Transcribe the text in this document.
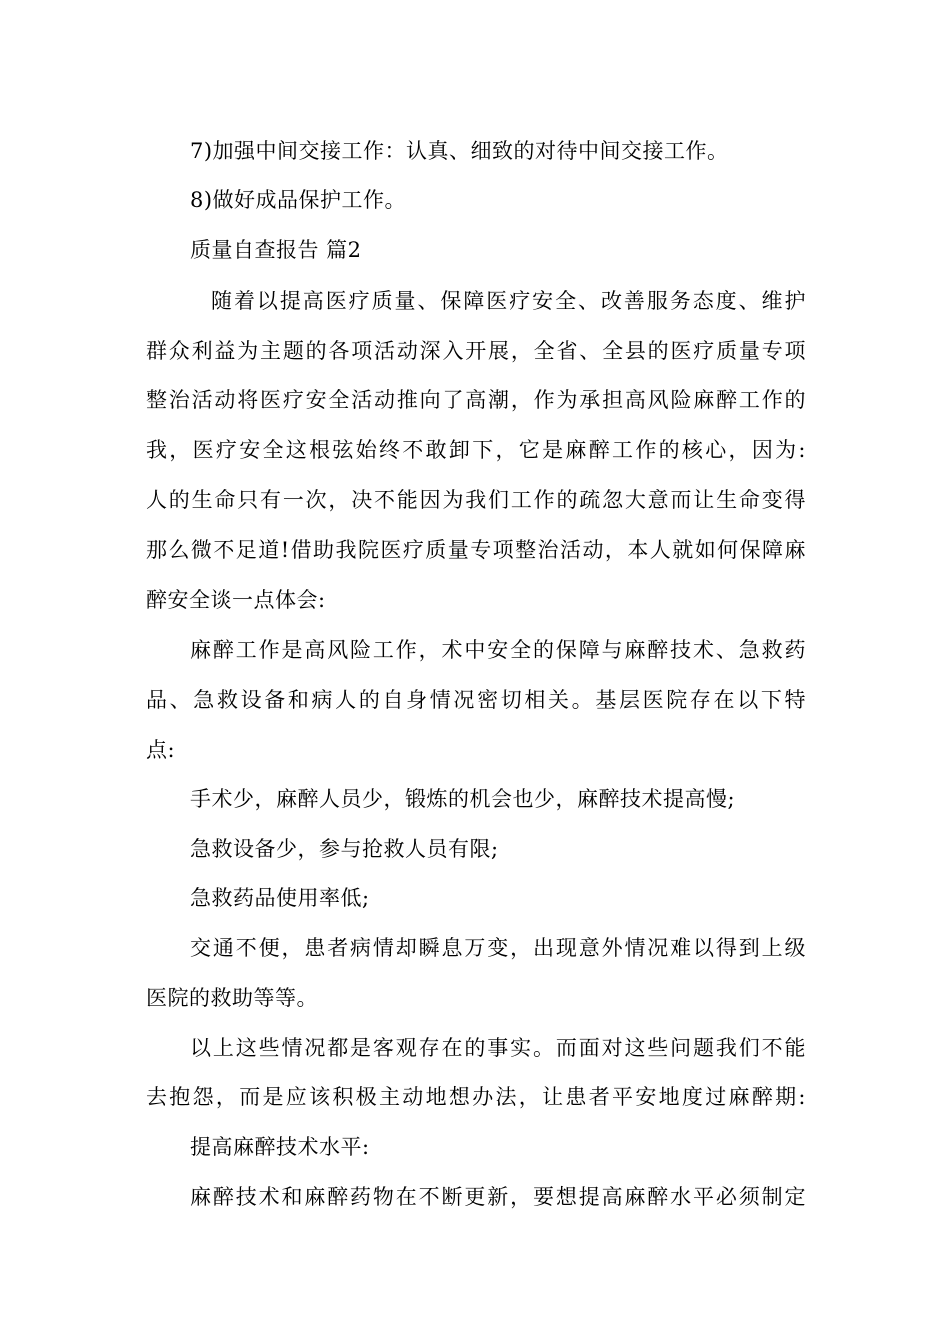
7)加强中间交接工作：认真、细致的对待中间交接工作。
8)做好成品保护工作。
质量自查报告 篇2
随着以提高医疗质量、保障医疗安全、改善服务态度、维护
群众利益为主题的各项活动深入开展，全省、全县的医疗质量专项
整治活动将医疗安全活动推向了高潮，作为承担高风险麻醉工作的
我，医疗安全这根弦始终不敢卸下，它是麻醉工作的核心，因为:
人的生命只有一次，决不能因为我们工作的疏忽大意而让生命变得
那么微不足道!借助我院医疗质量专项整治活动，本人就如何保障麻
醉安全谈一点体会:
麻醉工作是高风险工作，术中安全的保障与麻醉技术、急救药
品、急救设备和病人的自身情况密切相关。基层医院存在以下特
点:
手术少，麻醉人员少，锻炼的机会也少，麻醉技术提高慢;
急救设备少，参与抢救人员有限;
急救药品使用率低;
交通不便，患者病情却瞬息万变，出现意外情况难以得到上级
医院的救助等等。
以上这些情况都是客观存在的事实。而面对这些问题我们不能
去抱怨，而是应该积极主动地想办法，让患者平安地度过麻醉期:
提高麻醉技术水平:
麻醉技术和麻醉药物在不断更新，要想提高麻醉水平必须制定
